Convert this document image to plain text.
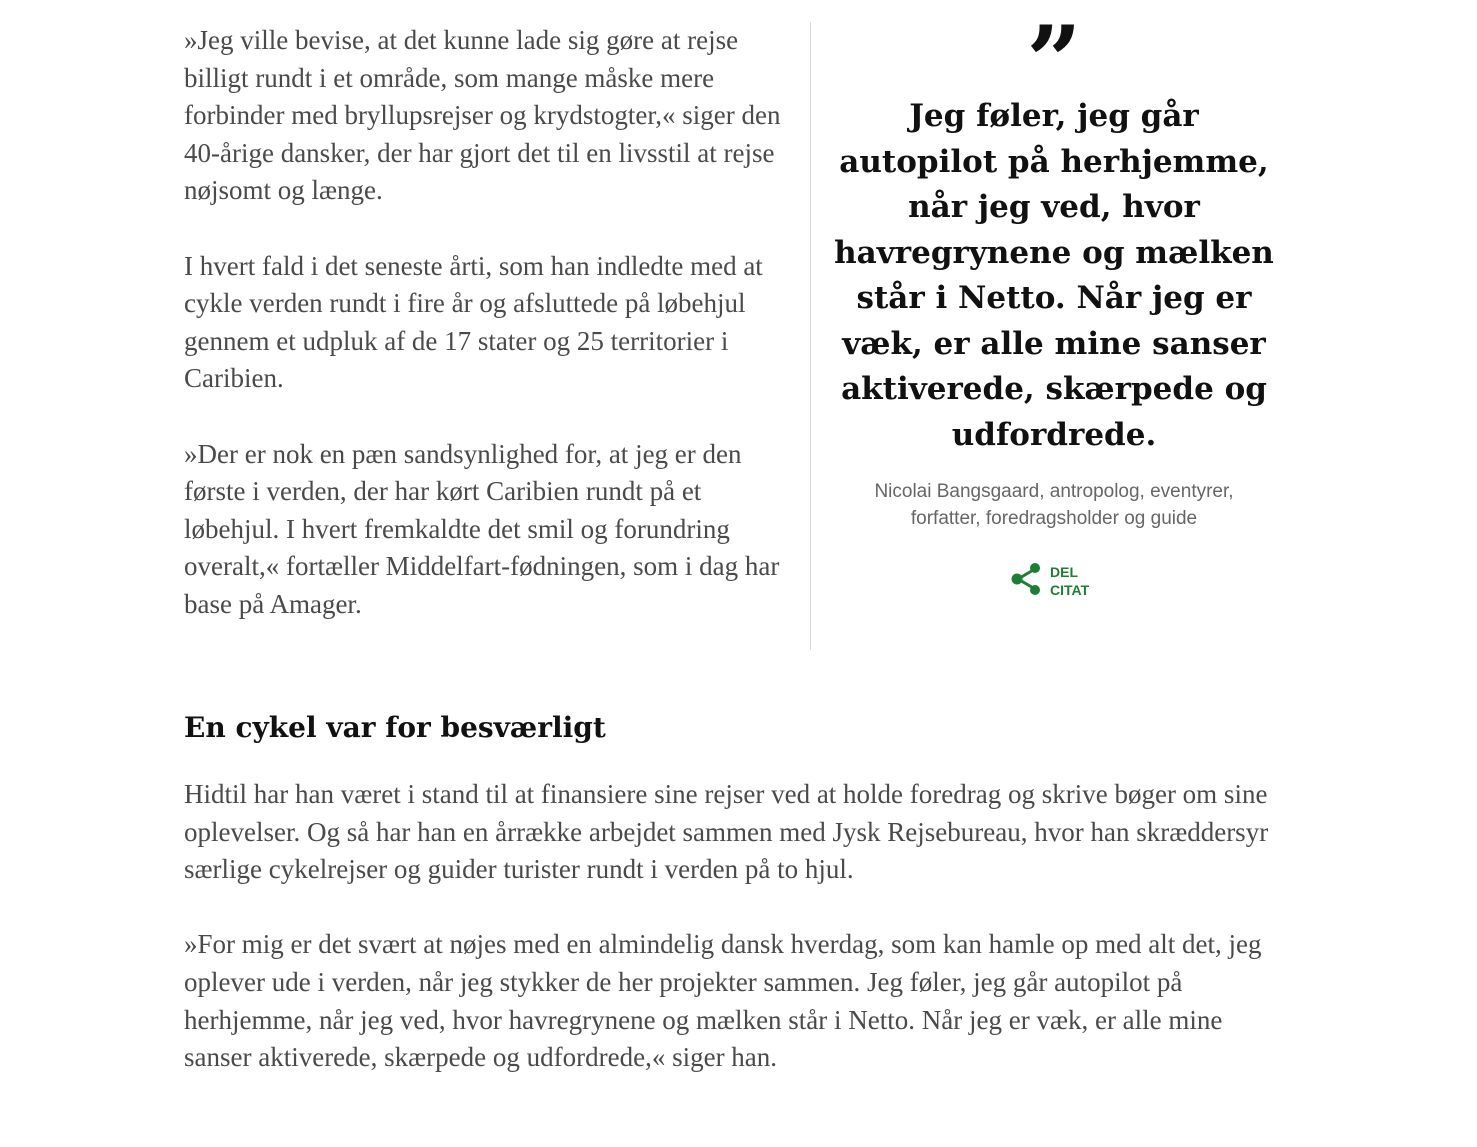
»Jeg ville bevise, at det kunne lade sig gøre at rejse billigt rundt i et område, som mange måske mere forbinder med bryllupsrejser og krydstogter,« siger den 40-årige dansker, der har gjort det til en livsstil at rejse nøjsomt og længe.

I hvert fald i det seneste årti, som han indledte med at cykle verden rundt i fire år og afsluttede på løbehjul gennem et udpluk af de 17 stater og 25 territorier i Caribien.

»Der er nok en pæn sandsynlighed for, at jeg er den første i verden, der har kørt Caribien rundt på et løbehjul. I hvert fremkaldte det smil og forundring overalt,« fortæller Middelfart-fødningen, som i dag har base på Amager.

”

Jeg føler, jeg går autopilot på herhjemme, når jeg ved, hvor havregrynene og mælken står i Netto. Når jeg er væk, er alle mine sanser aktiverede, skærpede og udfordrede.

Nicolai Bangsgaard, antropolog, eventyrer, forfatter, foredragsholder og guide

DEL CITAT
En cykel var for besværligt

Hidtil har han været i stand til at finansiere sine rejser ved at holde foredrag og skrive bøger om sine oplevelser. Og så har han en årrække arbejdet sammen med Jysk Rejsebureau, hvor han skræddersyr særlige cykelrejser og guider turister rundt i verden på to hjul.

»For mig er det svært at nøjes med en almindelig dansk hverdag, som kan hamle op med alt det, jeg oplever ude i verden, når jeg stykker de her projekter sammen. Jeg føler, jeg går autopilot på herhjemme, når jeg ved, hvor havregrynene og mælken står i Netto. Når jeg er væk, er alle mine sanser aktiverede, skærpede og udfordrede,« siger han.
